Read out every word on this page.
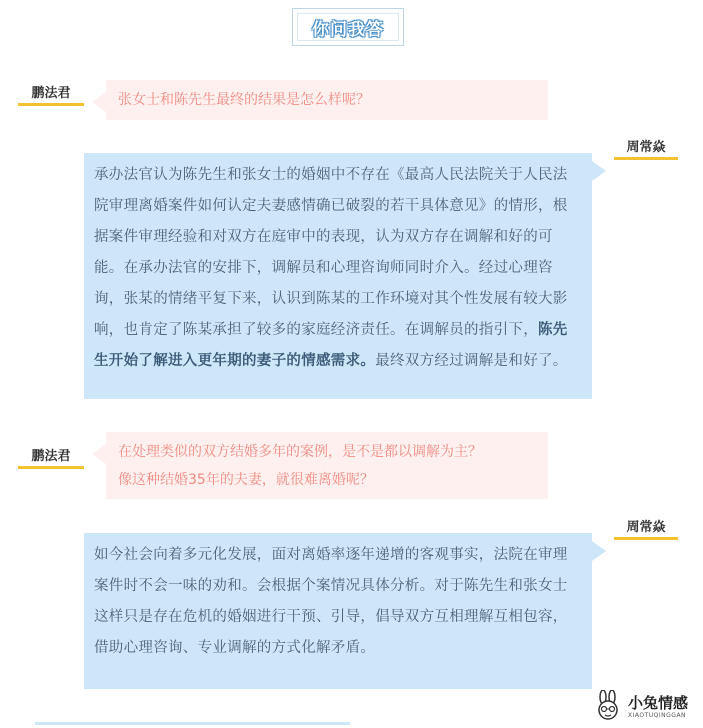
你问我答
鹏法君	张女士和陈先生最终的结果是怎么样呢？
周常焱
承办法官认为陈先生和张女士的婚姻中不存在《最高人民法院关于人民法院审理离婚案件如何认定夫妻感情确已破裂的若干具体意见》的情形，根据案件审理经验和对双方在庭审中的表现，认为双方存在调解和好的可能。在承办法官的安排下，调解员和心理咨询师同时介入。经过心理咨询，张某的情绪平复下来，认识到陈某的工作环境对其个性发展有较大影响，也肯定了陈某承担了较多的家庭经济责任。在调解员的指引下，陈先生开始了解进入更年期的妻子的情感需求。最终双方经过调解是和好了。
鹏法君	在处理类似的双方结婚多年的案例，是不是都以调解为主？
像这种结婚35年的夫妻，就很难离婚呢？
周常焱
如今社会向着多元化发展，面对离婚率逐年递增的客观事实，法院在审理案件时不会一味的劝和。会根据个案情况具体分析。对于陈先生和张女士这样只是存在危机的婚姻进行干预、引导，倡导双方互相理解互相包容，借助心理咨询、专业调解的方式化解矛盾。
小兔情感
XIAOTUQINGGAN
